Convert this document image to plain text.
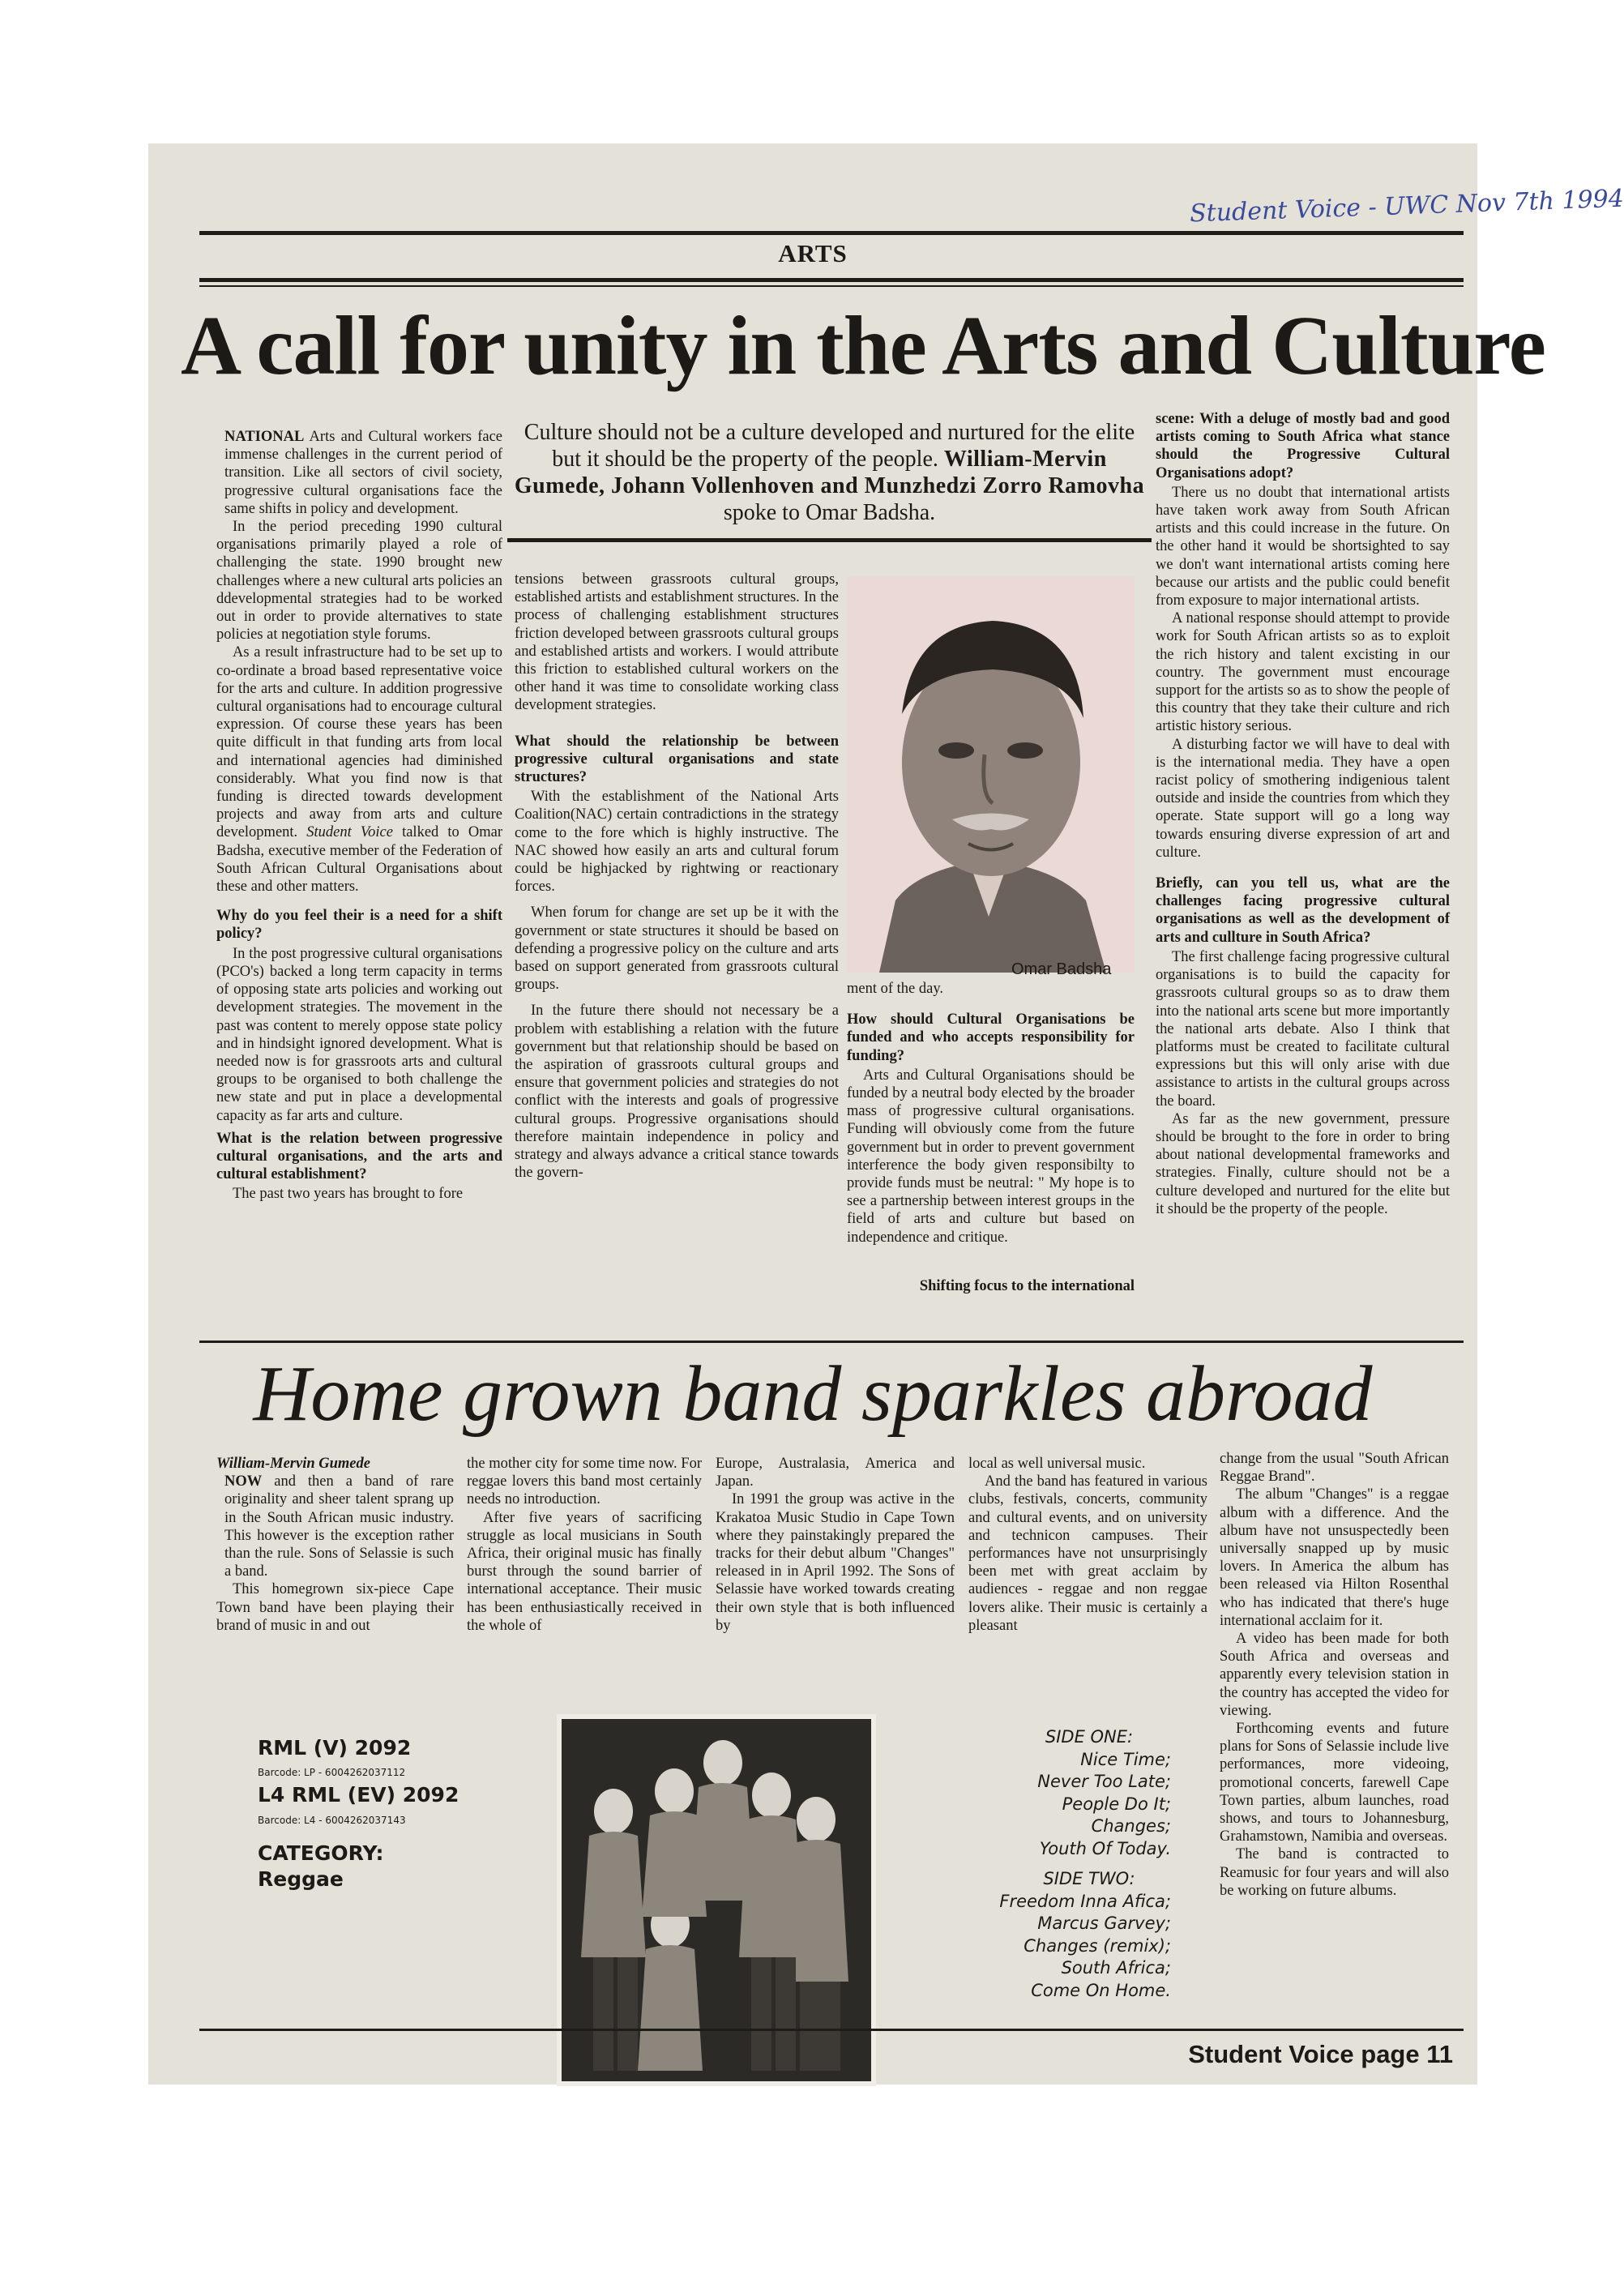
Student Voice - UWC Nov 7th 1994
ARTS
A call for unity in the Arts and Culture
Culture should not be a culture developed and nurtured for the elite but it should be the property of the people. William-Mervin Gumede, Johann Vollenhoven and Munzhedzi Zorro Ramovha spoke to Omar Badsha.

NATIONAL Arts and Cultural workers face immense challenges in the current period of transition. Like all sectors of civil society, progressive cultural organisations face the same shifts in policy and development.

In the period preceding 1990 cultural organisations primarily played a role of challenging the state. 1990 brought new challenges where a new cultural arts policies an ddevelopmental strategies had to be worked out in order to provide alternatives to state policies at negotiation style forums.

As a result infrastructure had to be set up to co-ordinate a broad based representative voice for the arts and culture. In addition progressive cultural organisations had to encourage cultural expression. Of course these years has been quite difficult in that funding arts from local and international agencies had diminished considerably. What you find now is that funding is directed towards development projects and away from arts and culture development. Student Voice talked to Omar Badsha, executive member of the Federation of South African Cultural Organisations about these and other matters.

Why do you feel their is a need for a shift policy?

In the post progressive cultural organisations (PCO's) backed a long term capacity in terms of opposing state arts policies and working out development strategies. The movement in the past was content to merely oppose state policy and in hindsight ignored development. What is needed now is for grassroots arts and cultural groups to be organised to both challenge the new state and put in place a developmental capacity as far arts and culture.

What is the relation between progressive cultural organisations, and the arts and cultural establishment?

The past two years has brought to fore

tensions between grassroots cultural groups, established artists and establishment structures. In the process of challenging establishment structures friction developed between grassroots cultural groups and established artists and workers. I would attribute this friction to established cultural workers on the other hand it was time to consolidate working class development strategies.

What should the relationship be between progressive cultural organisations and state structures?

With the establishment of the National Arts Coalition(NAC) certain contradictions in the strategy come to the fore which is highly instructive. The NAC showed how easily an arts and cultural forum could be highjacked by rightwing or reactionary forces.

When forum for change are set up be it with the government or state structures it should be based on defending a progressive policy on the culture and arts based on support generated from grassroots cultural groups.

In the future there should not necessary be a problem with establishing a relation with the future government but that relationship should be based on the aspiration of grassroots cultural groups and ensure that government policies and strategies do not conflict with the interests and goals of progressive cultural groups. Progressive organisations should therefore maintain independence in policy and strategy and always advance a critical stance towards the govern-

Omar Badsha

ment of the day.

How should Cultural Organisations be funded and who accepts responsibility for funding?

Arts and Cultural Organisations should be funded by a neutral body elected by the broader mass of progressive cultural organisations. Funding will obviously come from the future government but in order to prevent government interference the body given responsibilty to provide funds must be neutral: " My hope is to see a partnership between interest groups in the field of arts and culture but based on independence and critique.

Shifting focus to the international

scene: With a deluge of mostly bad and good artists coming to South Africa what stance should the Progressive Cultural Organisations adopt?

There us no doubt that international artists have taken work away from South African artists and this could increase in the future. On the other hand it would be shortsighted to say we don't want international artists coming here because our artists and the public could benefit from exposure to major international artists.

A national response should attempt to provide work for South African artists so as to exploit the rich history and talent excisting in our country. The government must encourage support for the artists so as to show the people of this country that they take their culture and rich artistic history serious.

A disturbing factor we will have to deal with is the international media. They have a open racist policy of smothering indigenious talent outside and inside the countries from which they operate. State support will go a long way towards ensuring diverse expression of art and culture.

Briefly, can you tell us, what are the challenges facing progressive cultural organisations as well as the development of arts and cullture in South Africa?

The first challenge facing progressive cultural organisations is to build the capacity for grassroots cultural groups so as to draw them into the national arts scene but more importantly the national arts debate. Also I think that platforms must be created to facilitate cultural expressions but this will only arise with due assistance to artists in the cultural groups across the board.

As far as the new government, pressure should be brought to the fore in order to bring about national developmental frameworks and strategies. Finally, culture should not be a culture developed and nurtured for the elite but it should be the property of the people.

Home grown band sparkles abroad

William-Mervin Gumede

NOW and then a band of rare originality and sheer talent sprang up in the South African music industry. This however is the exception rather than the rule. Sons of Selassie is such a band.

This homegrown six-piece Cape Town band have been playing their brand of music in and out

the mother city for some time now. For reggae lovers this band most certainly needs no introduction.

After five years of sacrificing struggle as local musicians in South Africa, their original music has finally burst through the sound barrier of international acceptance. Their music has been enthusiastically received in the whole of

Europe, Australasia, America and Japan.

In 1991 the group was active in the Krakatoa Music Studio in Cape Town where they painstakingly prepared the tracks for their debut album "Changes" released in in April 1992. The Sons of Selassie have worked towards creating their own style that is both influenced by

local as well universal music.

And the band has featured in various clubs, festivals, concerts, community and cultural events, and on university and technicon campuses. Their performances have not unsurprisingly been met with great acclaim by audiences - reggae and non reggae lovers alike. Their music is certainly a pleasant

change from the usual "South African Reggae Brand".

The album "Changes" is a reggae album with a difference. And the album have not unsuspectedly been universally snapped up by music lovers. In America the album has been released via Hilton Rosenthal who has indicated that there's huge international acclaim for it.

A video has been made for both South Africa and overseas and apparently every television station in the country has accepted the video for viewing.

Forthcoming events and future plans for Sons of Selassie include live performances, more videoing, promotional concerts, farewell Cape Town parties, album launches, road shows, and tours to Johannesburg, Grahamstown, Namibia and overseas.

The band is contracted to Reamusic for four years and will also be working on future albums.

RML (V) 2092
Barcode: LP - 6004262037112
L4 RML (EV) 2092
Barcode: L4 - 6004262037143
CATEGORY:
Reggae
SIDE ONE:
Nice Time;
Never Too Late;
People Do It;
Changes;
Youth Of Today.
SIDE TWO:
Freedom Inna Afica;
Marcus Garvey;
Changes (remix);
South Africa;
Come On Home.
Student Voice page 11
